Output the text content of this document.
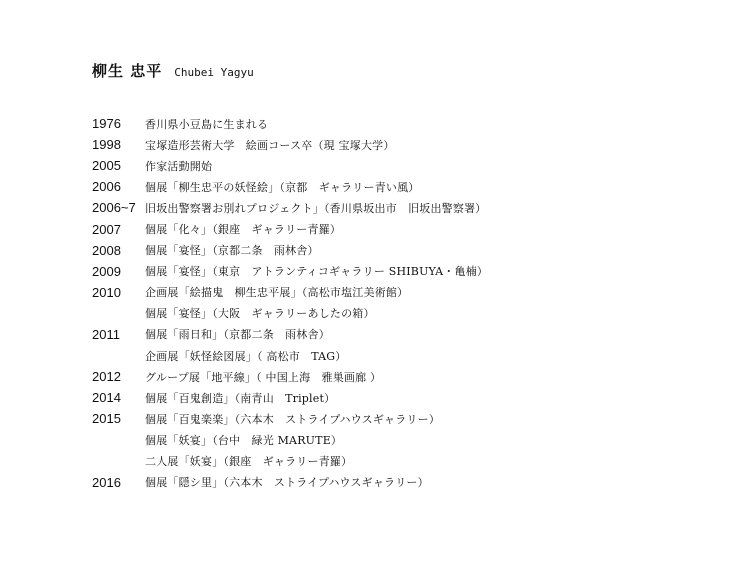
柳生 忠平 Chubei Yagyu
1976	香川県小豆島に生まれる
1998	宝塚造形芸術大学　絵画コース卒（現 宝塚大学）
2005	作家活動開始
2006	個展「柳生忠平の妖怪絵」（京都　ギャラリー青い風）
2006~7 旧坂出警察署お別れプロジェクト」（香川県坂出市　旧坂出警察署）
2007	個展「化々」（銀座　ギャラリー青羅）
2008	個展「宴怪」（京都二条　雨林舎）
2009	個展「宴怪」（東京　アトランティコギャラリー SHIBUYA・亀楠）
2010	企画展「絵描鬼　柳生忠平展」（高松市塩江美術館）
個展「宴怪」（大阪　ギャラリーあしたの箱）
2011	個展「雨日和」（京都二条　雨林舎）
企画展「妖怪絵図展」（ 高松市　TAG）
2012	グループ展「地平線」（ 中国上海　雅巣画廊 ）
2014	個展「百鬼創造」（南青山　Triplet）
2015	個展「百鬼楽楽」（六本木　ストライプハウスギャラリー）
個展「妖宴」（台中　緑光 MARUTE）
二人展「妖宴」（銀座　ギャラリー青羅）
2016	個展「隠シ里」（六本木　ストライプハウスギャラリー）
